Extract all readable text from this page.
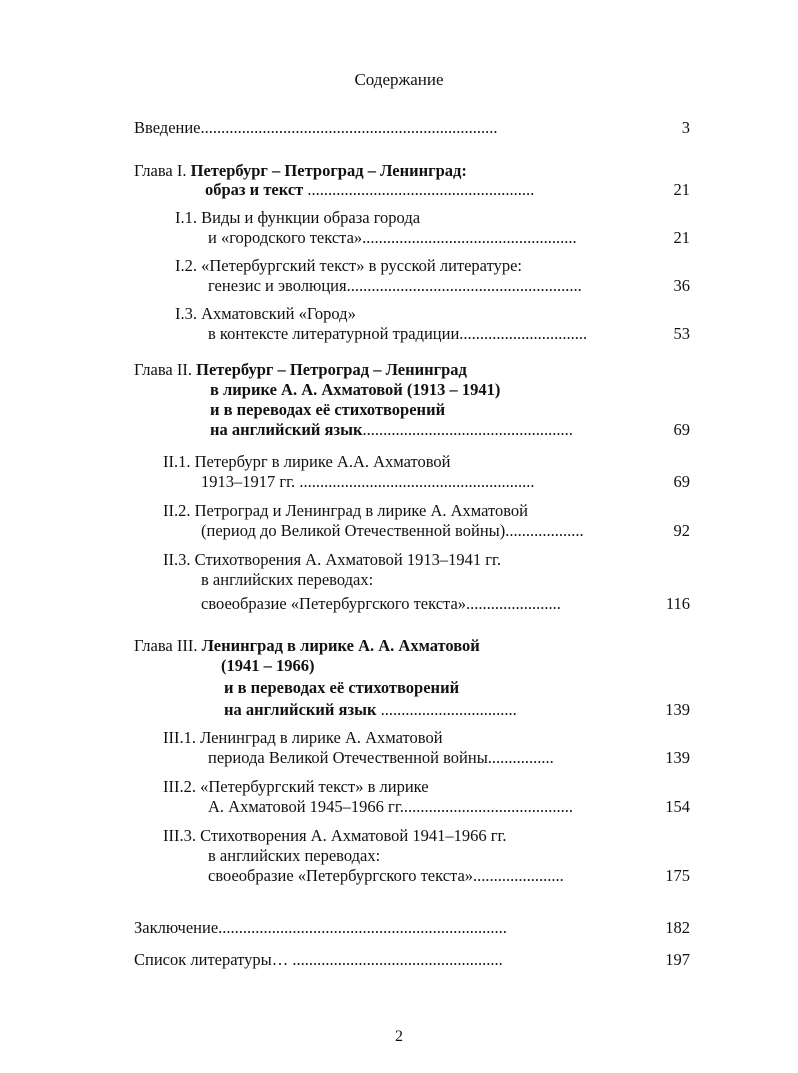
Содержание
Введение........................................................................	3
Глава I. Петербург – Петроград – Ленинград:
образ и текст .......................................................	21
I.1. Виды и функции образа города
и «городского текста»....................................................	21
I.2. «Петербургский текст» в русской литературе:
генезис и эволюция.........................................................	36
I.3. Ахматовский «Город»
в контексте литературной традиции...............................	53
Глава II. Петербург – Петроград – Ленинград
в лирике А. А. Ахматовой (1913 – 1941)
и в переводах её стихотворений
на английский язык...................................................	69
II.1. Петербург в лирике А.А. Ахматовой
1913–1917 гг. .........................................................	69
II.2. Петроград и Ленинград в лирике А. Ахматовой
(период до Великой Отечественной войны)...................	92
II.3. Стихотворения А. Ахматовой 1913–1941 гг.
в английских переводах:
своеобразие «Петербургского текста».......................	116
Глава III. Ленинград в лирике А. А. Ахматовой
(1941 – 1966)
и в переводах её стихотворений
на английский язык .................................	139
III.1. Ленинград в лирике А. Ахматовой
периода Великой Отечественной войны................	139
III.2. «Петербургский текст» в лирике
А. Ахматовой 1945–1966 гг..........................................	154
III.3. Стихотворения А. Ахматовой 1941–1966 гг.
в английских переводах:
своеобразие «Петербургского текста»......................	175
Заключение......................................................................	182
Список литературы… ...................................................	197
2
